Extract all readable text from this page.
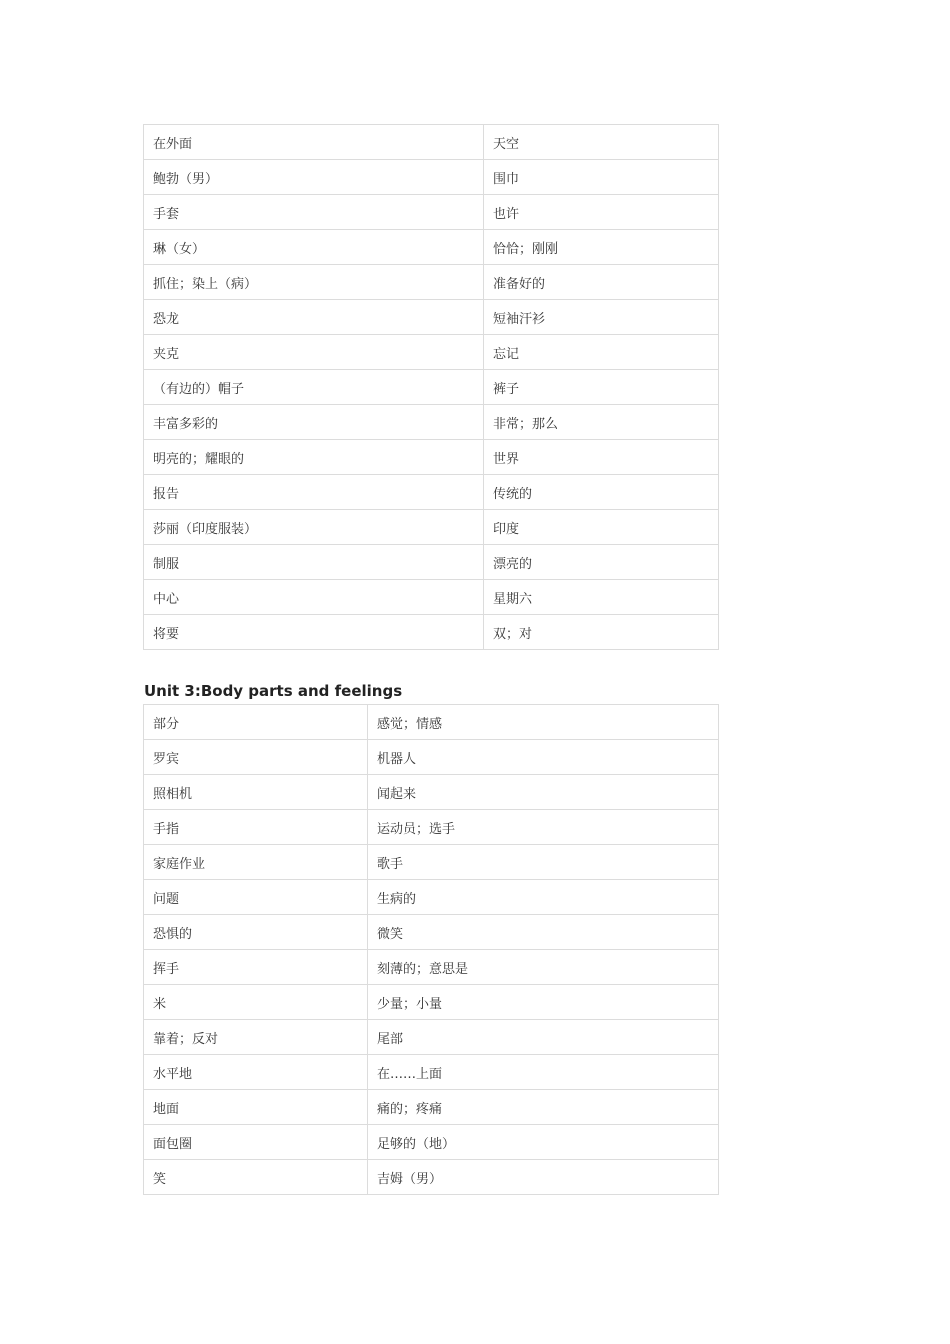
在外面	天空
鲍勃（男）	围巾
手套	也许
琳（女）	恰恰；刚刚
抓住；染上（病）	准备好的
恐龙	短袖汗衫
夹克	忘记
（有边的）帽子	裤子
丰富多彩的	非常；那么
明亮的；耀眼的	世界
报告	传统的
莎丽（印度服装）	印度
制服	漂亮的
中心	星期六
将要	双；对
Unit 3:Body parts and feelings
部分	感觉；情感
罗宾	机器人
照相机	闻起来
手指	运动员；选手
家庭作业	歌手
问题	生病的
恐惧的	微笑
挥手	刻薄的；意思是
米	少量；小量
靠着；反对	尾部
水平地	在……上面
地面	痛的；疼痛
面包圈	足够的（地）
笑	吉姆（男）
